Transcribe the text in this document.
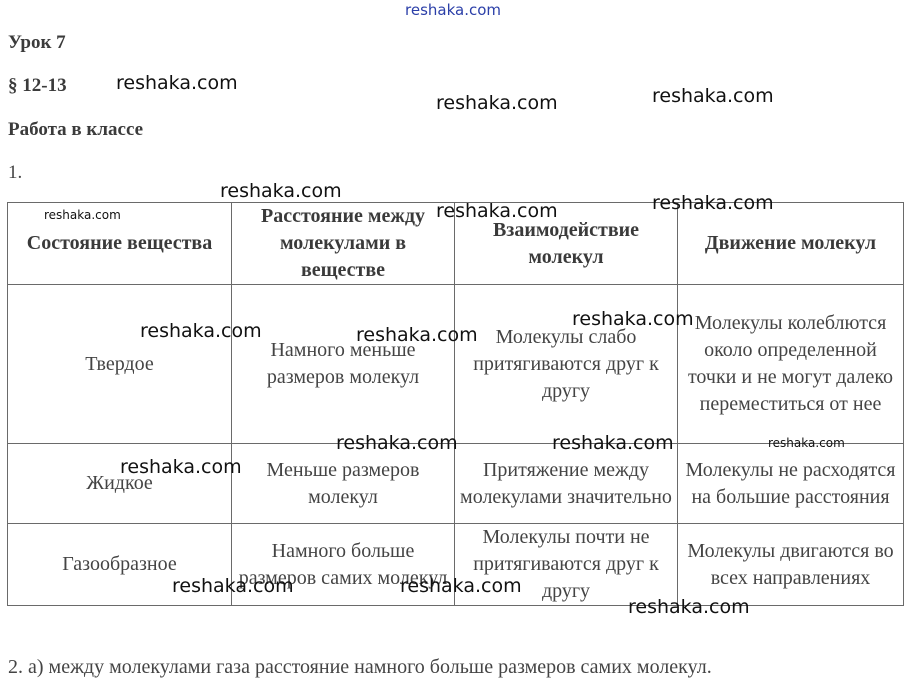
reshaka.com
Урок 7
§ 12-13
Работа в классе
1.
Состояние вещества	Расстояние между молекулами в веществе	Взаимодействие молекул	Движение молекул
Твердое	Намного меньше размеров молекул	Молекулы слабо притягиваются друг к другу	Молекулы колеблются около определенной точки и не могут далеко переместиться от нее
Жидкое	Меньше размеров молекул	Притяжение между молекулами значительно	Молекулы не расходятся на большие расстояния
Газообразное	Намного больше размеров самих молекул	Молекулы почти не притягиваются друг к другу	Молекулы двигаются во всех направлениях
2. а) между молекулами газа расстояние намного больше размеров самих молекул.
reshaka.com
reshaka.com	reshaka.com
reshaka.com
reshaka.com	reshaka.com
reshaka.com
reshaka.com	reshaka.com
reshaka.com
reshaka.com	reshaka.com	reshaka.com
reshaka.com
reshaka.com	reshaka.com
reshaka.com
